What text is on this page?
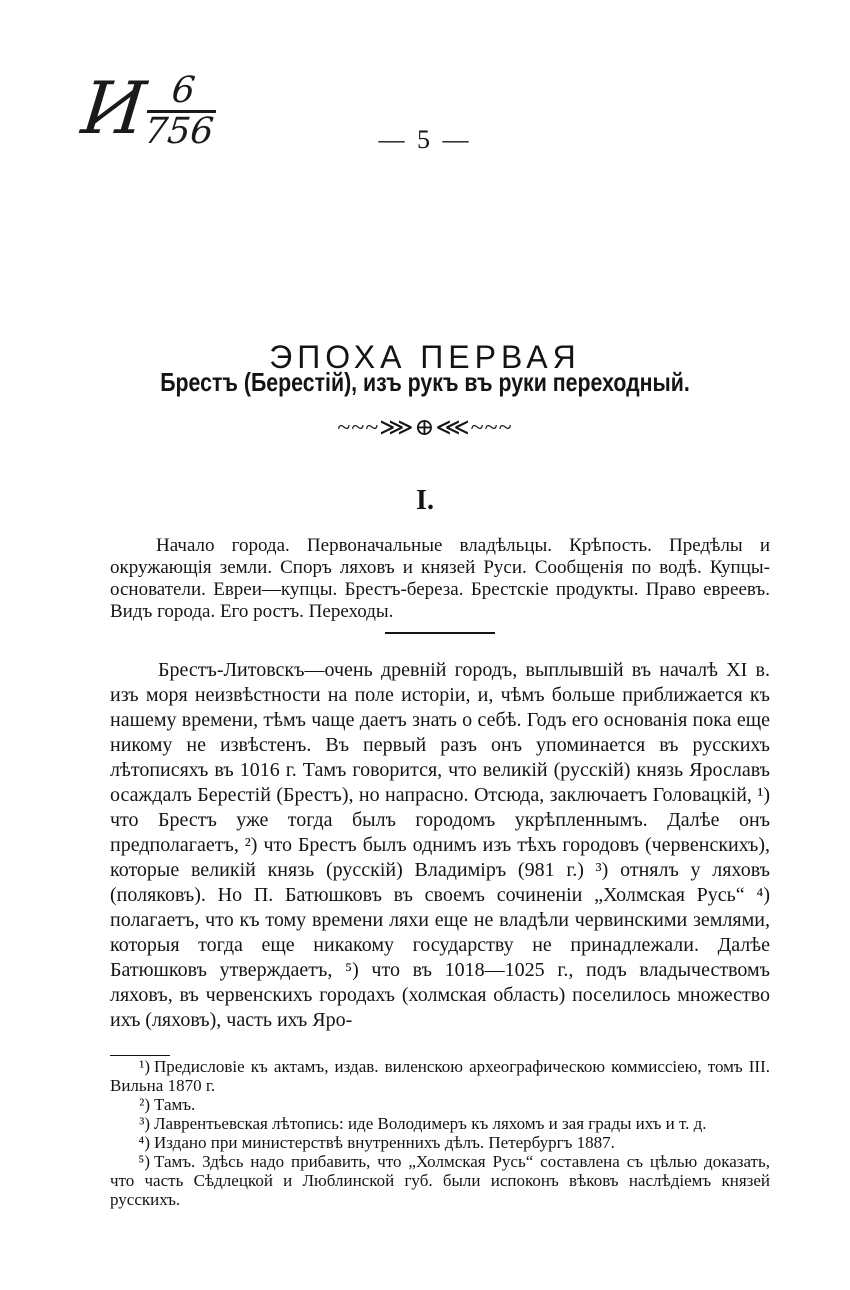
И
$\frac{6}{756}$	— 5 —
ЭПОХА ПЕРВАЯ
Брестъ (Берестій), изъ рукъ въ руки переходный.
~~~⋙⊕⋘~~~
I.

Начало города. Первоначальные владѣльцы. Крѣпость. Предѣлы и окружающія земли. Споръ ляховъ и князей Руси. Сообщенія по водѣ. Купцы-основатели. Евреи—купцы. Брестъ-береза. Брестскіе продукты. Право евреевъ. Видъ города. Его ростъ. Переходы.

Брестъ-Литовскъ—очень древній городъ, выплывшій въ началѣ XI в. изъ моря неизвѣстности на поле исторіи, и, чѣмъ больше приближается къ нашему времени, тѣмъ чаще даетъ знать о себѣ. Годъ его основанія пока еще никому не извѣстенъ. Въ первый разъ онъ упоминается въ русскихъ лѣтописяхъ въ 1016 г. Тамъ говорится, что великій (русскій) князь Ярославъ осаждалъ Берестій (Брестъ), но напрасно. Отсюда, заключаетъ Головацкій, ¹) что Брестъ уже тогда былъ городомъ укрѣпленнымъ. Далѣе онъ предполагаетъ, ²) что Брестъ былъ однимъ изъ тѣхъ городовъ (червенскихъ), которые великій князь (русскій) Владиміръ (981 г.) ³) отнялъ у ляховъ (поляковъ). Но П. Батюшковъ въ своемъ сочиненіи „Холмская Русь“ ⁴) полагаетъ, что къ тому времени ляхи еще не владѣли червинскими землями, которыя тогда еще никакому государству не принадлежали. Далѣе Батюшковъ утверждаетъ, ⁵) что въ 1018—1025 г., подъ владычествомъ ляховъ, въ червенскихъ городахъ (холмская область) поселилось множество ихъ (ляховъ), часть ихъ Яро-

¹) Предисловіе къ актамъ, издав. виленскою археографическою коммиссіею, томъ III. Вильна 1870 г.

²) Тамъ.

³) Лаврентьевская лѣтопись: иде Володимеръ къ ляхомъ и зая грады ихъ и т. д.

⁴) Издано при министерствѣ внутреннихъ дѣлъ. Петербургъ 1887.

⁵) Тамъ. Здѣсь надо прибавить, что „Холмская Русь“ составлена съ цѣлью доказать, что часть Сѣдлецкой и Люблинской губ. были испоконъ вѣковъ наслѣдіемъ князей русскихъ.
